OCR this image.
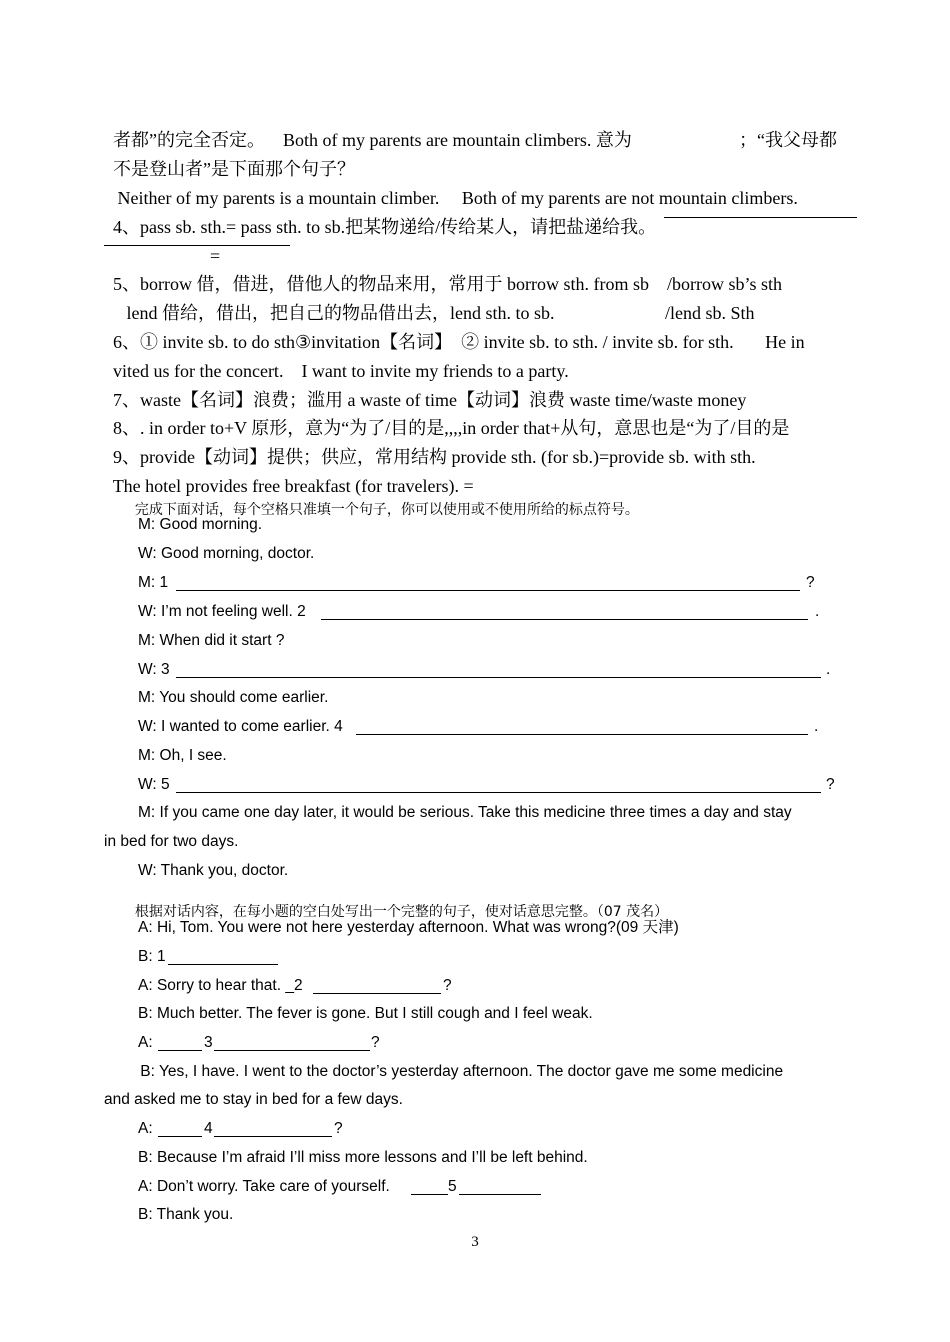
者都”的完全否定。    Both of my parents are mountain climbers. 意为	；“我父母都

不是登山者”是下面那个句子？

Neither of my parents is a mountain climber.     Both of my parents are not mountain climbers.

4、pass sb. sth.= pass sth. to sb.把某物递给/传给某人，请把盐递给我。

=

5、borrow 借，借进，借他人的物品来用，常用于 borrow sth. from sb    /borrow sb’s sth

lend 借给，借出，把自己的物品借出去，lend sth. to sb.	/lend sb. Sth

6、① invite sb. to do sth③invitation【名词】  ② invite sb. to sth. / invite sb. for sth.       He in

vited us for the concert.    I want to invite my friends to a party.

7、waste【名词】浪费；滥用 a waste of time【动词】浪费 waste time/waste money

8、. in order to+V 原形，意为“为了/目的是,,,,in order that+从句，意思也是“为了/目的是

9、provide【动词】提供；供应，常用结构 provide sth. (for sb.)=provide sb. with sth.

The hotel provides free breakfast (for travelers). =

完成下面对话，每个空格只准填一个句子，你可以使用或不使用所给的标点符号。

M: Good morning.
W: Good morning, doctor.
M: 1	?
W: I’m not feeling well. 2	.
M: When did it start ?
W: 3	.
M: You should come earlier.
W: I wanted to come earlier. 4	.
M: Oh, I see.
W: 5	?
M: If you came one day later, it would be serious. Take this medicine three times a day and stay
in bed for two days.
W: Thank you, doctor.

根据对话内容，在每小题的空白处写出一个完整的句子，使对话意思完整。（07 茂名）

A: Hi, Tom. You were not here yesterday afternoon. What was wrong?(09 天津)
B: 1
A: Sorry to hear that. _2	?
B: Much better. The fever is gone. But I still cough and I feel weak.
A:	3	?
B: Yes, I have. I went to the doctor’s yesterday afternoon. The doctor gave me some medicine
and asked me to stay in bed for a few days.
A:	4	?
B: Because I’m afraid I’ll miss more lessons and I’ll be left behind.
A: Don’t worry. Take care of yourself.	5
B: Thank you.
3
